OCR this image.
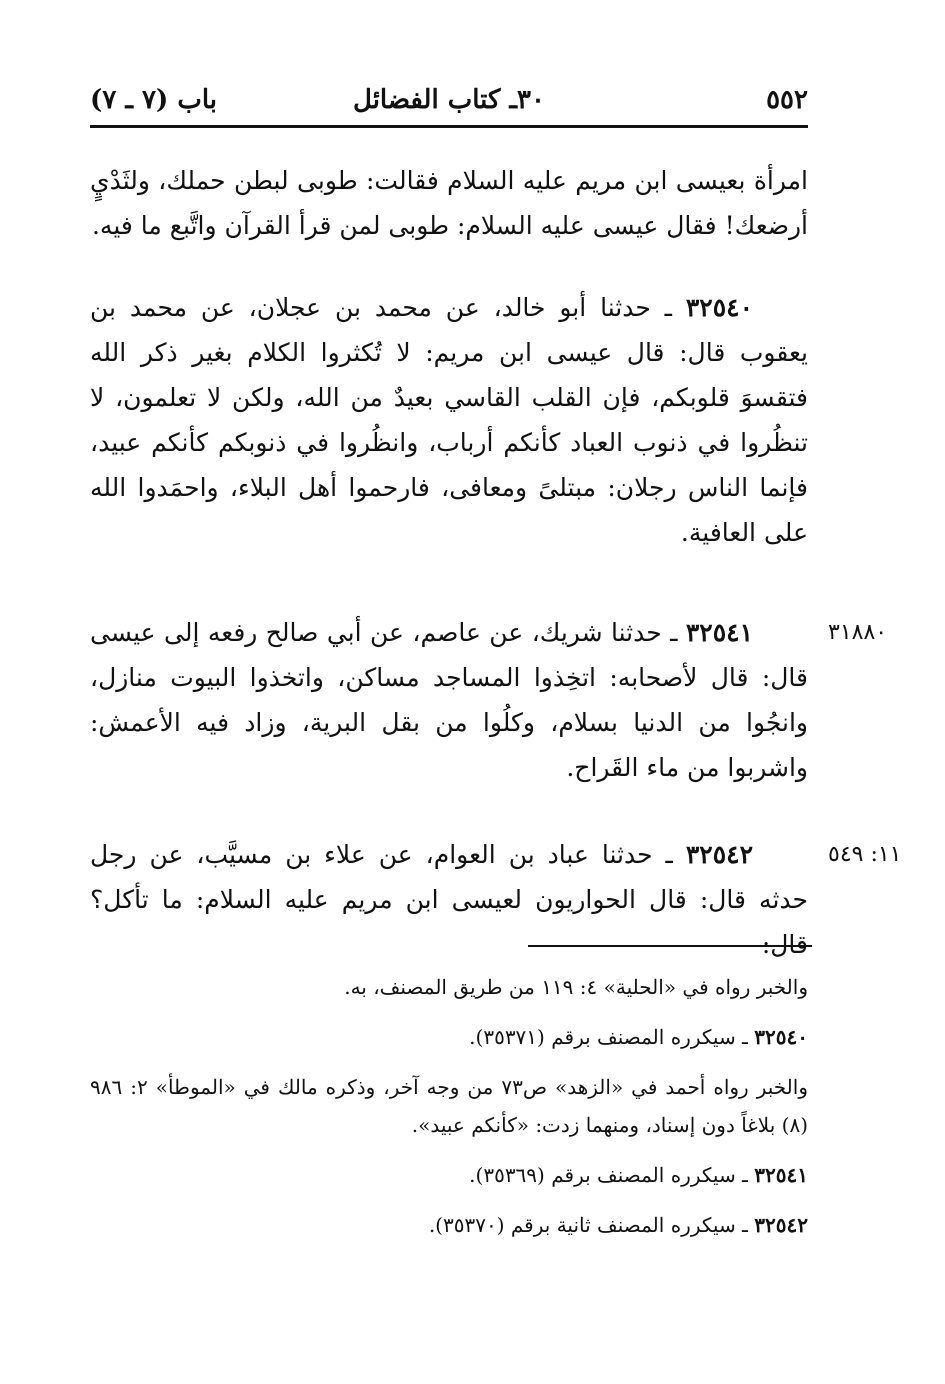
٥٥٢
٣٠ـ كتاب الفضائل
باب (٧ ـ ٧)

امرأة بعيسى ابن مريم عليه السلام فقالت: طوبى لبطن حملك، ولثَدْيٍ أرضعك! فقال عيسى عليه السلام: طوبى لمن قرأ القرآن واتَّبع ما فيه.

٣٢٥٤٠ ـ حدثنا أبو خالد، عن محمد بن عجلان، عن محمد بن يعقوب قال: قال عيسى ابن مريم: لا تُكثروا الكلام بغير ذكر الله فتقسوَ قلوبكم، فإن القلب القاسي بعيدٌ من الله، ولكن لا تعلمون، لا تنظُروا في ذنوب العباد كأنكم أرباب، وانظُروا في ذنوبكم كأنكم عبيد، فإنما الناس رجلان: مبتلىً ومعافى، فارحموا أهل البلاء، واحمَدوا الله على العافية.

٣١٨٨٠

٣٢٥٤١ ـ حدثنا شريك، عن عاصم، عن أبي صالح رفعه إلى عيسى قال: قال لأصحابه: اتخِذوا المساجد مساكن، واتخذوا البيوت منازل، وانجُوا من الدنيا بسلام، وكلُوا من بقل البرية، وزاد فيه الأعمش: واشربوا من ماء القَراح.

١١: ٥٤٩

٣٢٥٤٢ ـ حدثنا عباد بن العوام، عن علاء بن مسيَّب، عن رجل حدثه قال: قال الحواريون لعيسى ابن مريم عليه السلام: ما تأكل؟ قال:

والخبر رواه في «الحلية» ٤: ١١٩ من طريق المصنف، به.

٣٢٥٤٠ ـ سيكرره المصنف برقم (٣٥٣٧١).

والخبر رواه أحمد في «الزهد» ص٧٣ من وجه آخر، وذكره مالك في «الموطأ» ٢: ٩٨٦ (٨) بلاغاً دون إسناد، ومنهما زدت: «كأنكم عبيد».

٣٢٥٤١ ـ سيكرره المصنف برقم (٣٥٣٦٩).

٣٢٥٤٢ ـ سيكرره المصنف ثانية برقم (٣٥٣٧٠).
